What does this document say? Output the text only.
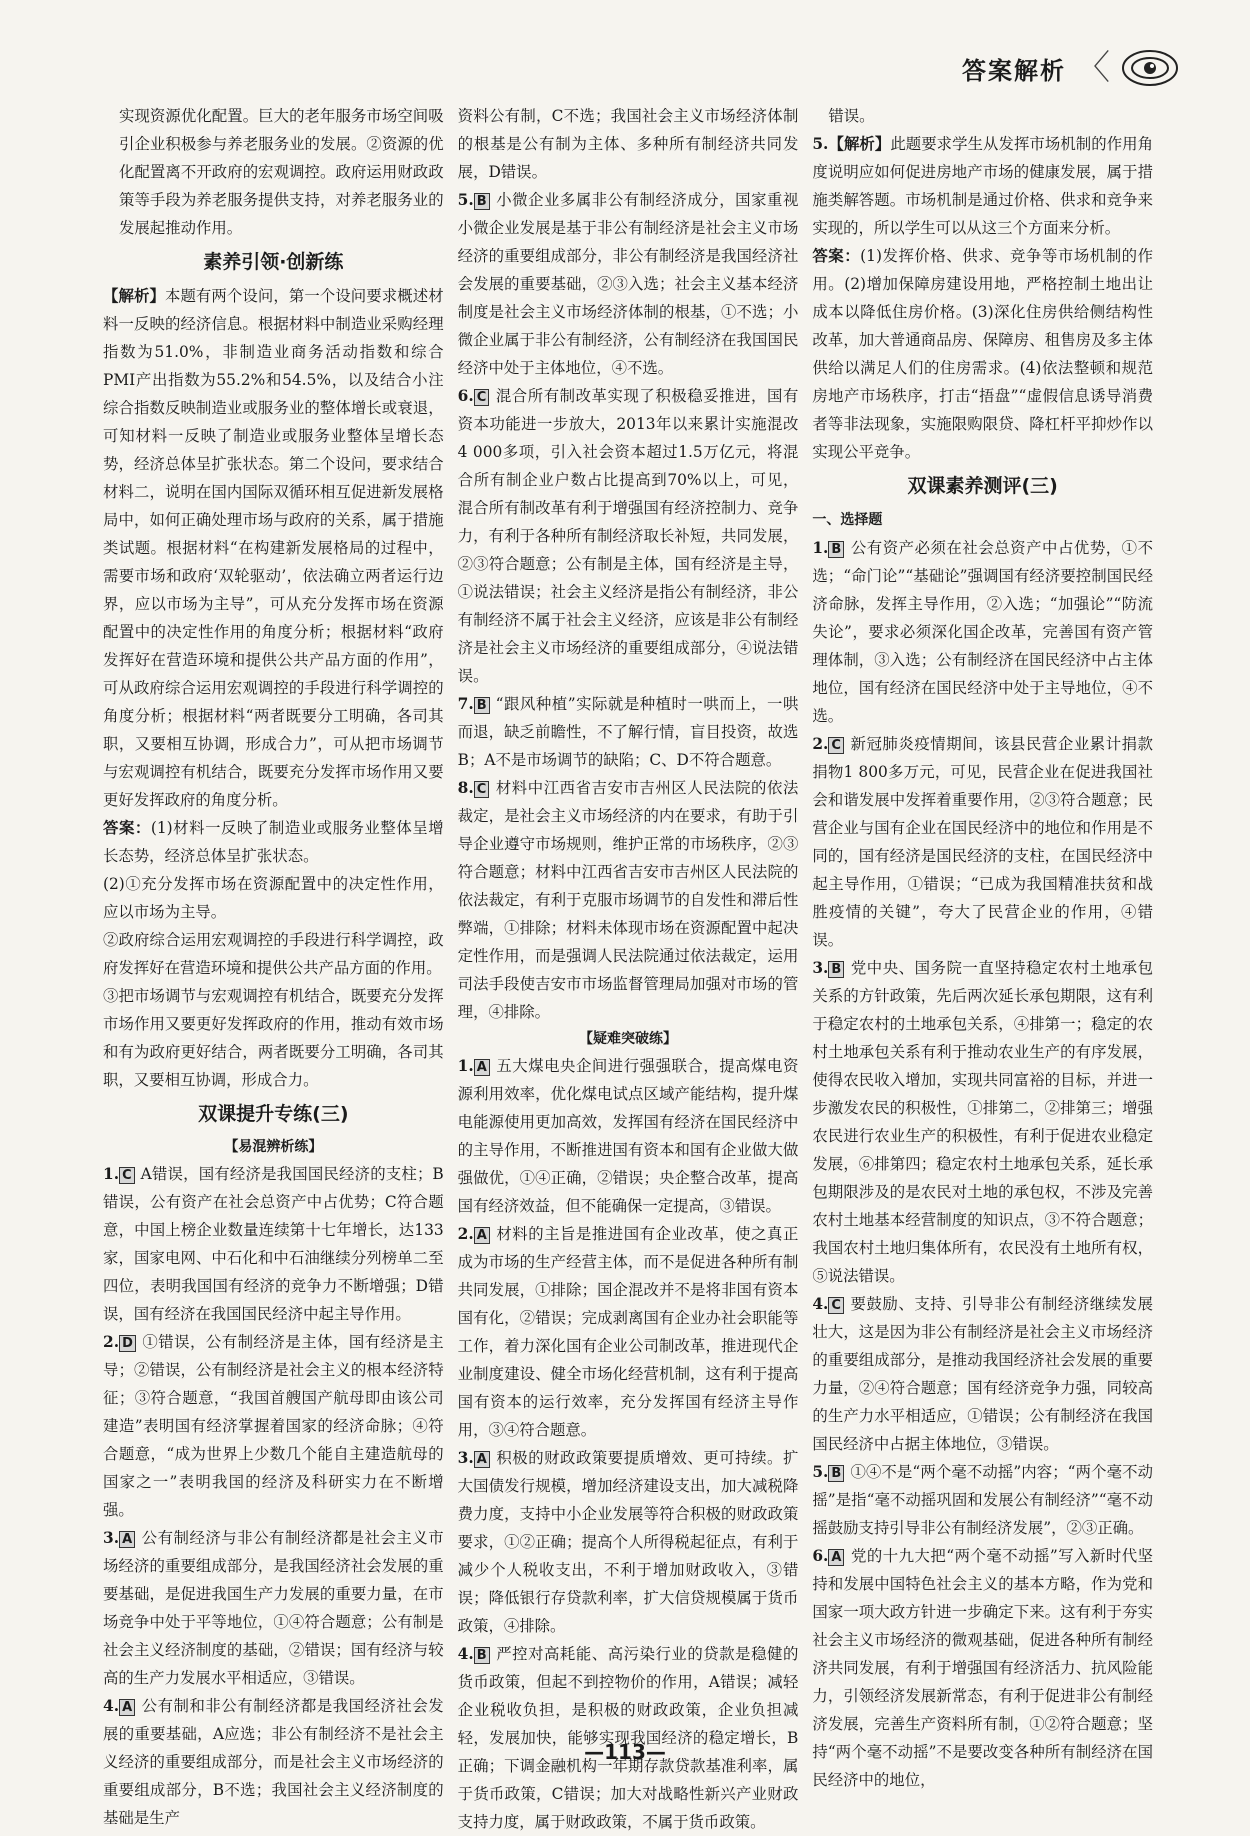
答案解析 〈

实现资源优化配置。巨大的老年服务市场空间吸引企业积极参与养老服务业的发展。②资源的优化配置离不开政府的宏观调控。政府运用财政政策等手段为养老服务提供支持，对养老服务业的发展起推动作用。

素养引领·创新练

【解析】本题有两个设问，第一个设问要求概述材料一反映的经济信息。根据材料中制造业采购经理指数为51.0%，非制造业商务活动指数和综合PMI产出指数为55.2%和54.5%，以及结合小注综合指数反映制造业或服务业的整体增长或衰退，可知材料一反映了制造业或服务业整体呈增长态势，经济总体呈扩张状态。第二个设问，要求结合材料二，说明在国内国际双循环相互促进新发展格局中，如何正确处理市场与政府的关系，属于措施类试题。根据材料“在构建新发展格局的过程中，需要市场和政府‘双轮驱动’，依法确立两者运行边界，应以市场为主导”，可从充分发挥市场在资源配置中的决定性作用的角度分析；根据材料“政府发挥好在营造环境和提供公共产品方面的作用”，可从政府综合运用宏观调控的手段进行科学调控的角度分析；根据材料“两者既要分工明确，各司其职，又要相互协调，形成合力”，可从把市场调节与宏观调控有机结合，既要充分发挥市场作用又要更好发挥政府的角度分析。

答案：(1)材料一反映了制造业或服务业整体呈增长态势，经济总体呈扩张状态。

(2)①充分发挥市场在资源配置中的决定性作用，应以市场为主导。

②政府综合运用宏观调控的手段进行科学调控，政府发挥好在营造环境和提供公共产品方面的作用。

③把市场调节与宏观调控有机结合，既要充分发挥市场作用又要更好发挥政府的作用，推动有效市场和有为政府更好结合，两者既要分工明确，各司其职，又要相互协调，形成合力。

双课提升专练(三)
【易混辨析练】

1. C A错误，国有经济是我国国民经济的支柱；B错误，公有资产在社会总资产中占优势；C符合题意，中国上榜企业数量连续第十七年增长，达133家，国家电网、中石化和中石油继续分列榜单二至四位，表明我国国有经济的竞争力不断增强；D错误，国有经济在我国国民经济中起主导作用。

2. D ①错误，公有制经济是主体，国有经济是主导；②错误，公有制经济是社会主义的根本经济特征；③符合题意，“我国首艘国产航母即由该公司建造”表明国有经济掌握着国家的经济命脉；④符合题意，“成为世界上少数几个能自主建造航母的国家之一”表明我国的经济及科研实力在不断增强。

3. A 公有制经济与非公有制经济都是社会主义市场经济的重要组成部分，是我国经济社会发展的重要基础，是促进我国生产力发展的重要力量，在市场竞争中处于平等地位，①④符合题意；公有制是社会主义经济制度的基础，②错误；国有经济与较高的生产力发展水平相适应，③错误。

4. A 公有制和非公有制经济都是我国经济社会发展的重要基础，A应选；非公有制经济不是社会主义经济的重要组成部分，而是社会主义市场经济的重要组成部分，B不选；我国社会主义经济制度的基础是生产

资料公有制，C不选；我国社会主义市场经济体制的根基是公有制为主体、多种所有制经济共同发展，D错误。

5. B 小微企业多属非公有制经济成分，国家重视小微企业发展是基于非公有制经济是社会主义市场经济的重要组成部分，非公有制经济是我国经济社会发展的重要基础，②③入选；社会主义基本经济制度是社会主义市场经济体制的根基，①不选；小微企业属于非公有制经济，公有制经济在我国国民经济中处于主体地位，④不选。

6. C 混合所有制改革实现了积极稳妥推进，国有资本功能进一步放大，2013年以来累计实施混改4 000多项，引入社会资本超过1.5万亿元，将混合所有制企业户数占比提高到70%以上，可见，混合所有制改革有利于增强国有经济控制力、竞争力，有利于各种所有制经济取长补短，共同发展，②③符合题意；公有制是主体，国有经济是主导，①说法错误；社会主义经济是指公有制经济，非公有制经济不属于社会主义经济，应该是非公有制经济是社会主义市场经济的重要组成部分，④说法错误。

7. B “跟风种植”实际就是种植时一哄而上，一哄而退，缺乏前瞻性，不了解行情，盲目投资，故选B；A不是市场调节的缺陷；C、D不符合题意。

8. C 材料中江西省吉安市吉州区人民法院的依法裁定，是社会主义市场经济的内在要求，有助于引导企业遵守市场规则，维护正常的市场秩序，②③符合题意；材料中江西省吉安市吉州区人民法院的依法裁定，有利于克服市场调节的自发性和滞后性弊端，①排除；材料未体现市场在资源配置中起决定性作用，而是强调人民法院通过依法裁定，运用司法手段使吉安市市场监督管理局加强对市场的管理，④排除。

【疑难突破练】

1. A 五大煤电央企间进行强强联合，提高煤电资源利用效率，优化煤电试点区域产能结构，提升煤电能源使用更加高效，发挥国有经济在国民经济中的主导作用，不断推进国有资本和国有企业做大做强做优，①④正确，②错误；央企整合改革，提高国有经济效益，但不能确保一定提高，③错误。

2. A 材料的主旨是推进国有企业改革，使之真正成为市场的生产经营主体，而不是促进各种所有制共同发展，①排除；国企混改并不是将非国有资本国有化，②错误；完成剥离国有企业办社会职能等工作，着力深化国有企业公司制改革，推进现代企业制度建设、健全市场化经营机制，这有利于提高国有资本的运行效率，充分发挥国有经济主导作用，③④符合题意。

3. A 积极的财政政策要提质增效、更可持续。扩大国债发行规模，增加经济建设支出，加大减税降费力度，支持中小企业发展等符合积极的财政政策要求，①②正确；提高个人所得税起征点，有利于减少个人税收支出，不利于增加财政收入，③错误；降低银行存贷款利率，扩大信贷规模属于货币政策，④排除。

4. B 严控对高耗能、高污染行业的贷款是稳健的货币政策，但起不到控物价的作用，A错误；减轻企业税收负担，是积极的财政政策，企业负担减轻，发展加快，能够实现我国经济的稳定增长，B正确；下调金融机构一年期存款贷款基准利率，属于货币政策，C错误；加大对战略性新兴产业财政支持力度，属于财政政策，不属于货币政策。

错误。

5.【解析】此题要求学生从发挥市场机制的作用角度说明应如何促进房地产市场的健康发展，属于措施类解答题。市场机制是通过价格、供求和竞争来实现的，所以学生可以从这三个方面来分析。

答案：(1)发挥价格、供求、竞争等市场机制的作用。(2)增加保障房建设用地，严格控制土地出让成本以降低住房价格。(3)深化住房供给侧结构性改革，加大普通商品房、保障房、租售房及多主体供给以满足人们的住房需求。(4)依法整顿和规范房地产市场秩序，打击“捂盘”“虚假信息诱导消费者等非法现象，实施限购限贷、降杠杆平抑炒作以实现公平竞争。

双课素养测评(三)
一、选择题

1. B 公有资产必须在社会总资产中占优势，①不选；“命门论”“基础论”强调国有经济要控制国民经济命脉，发挥主导作用，②入选；“加强论”“防流失论”，要求必须深化国企改革，完善国有资产管理体制，③入选；公有制经济在国民经济中占主体地位，国有经济在国民经济中处于主导地位，④不选。

2. C 新冠肺炎疫情期间，该县民营企业累计捐款捐物1 800多万元，可见，民营企业在促进我国社会和谐发展中发挥着重要作用，②③符合题意；民营企业与国有企业在国民经济中的地位和作用是不同的，国有经济是国民经济的支柱，在国民经济中起主导作用，①错误；“已成为我国精准扶贫和战胜疫情的关键”，夸大了民营企业的作用，④错误。

3. B 党中央、国务院一直坚持稳定农村土地承包关系的方针政策，先后两次延长承包期限，这有利于稳定农村的土地承包关系，④排第一；稳定的农村土地承包关系有利于推动农业生产的有序发展，使得农民收入增加，实现共同富裕的目标，并进一步激发农民的积极性，①排第二，②排第三；增强农民进行农业生产的积极性，有利于促进农业稳定发展，⑥排第四；稳定农村土地承包关系，延长承包期限涉及的是农民对土地的承包权，不涉及完善农村土地基本经营制度的知识点，③不符合题意；我国农村土地归集体所有，农民没有土地所有权，⑤说法错误。

4. C 要鼓励、支持、引导非公有制经济继续发展壮大，这是因为非公有制经济是社会主义市场经济的重要组成部分，是推动我国经济社会发展的重要力量，②④符合题意；国有经济竞争力强，同较高的生产力水平相适应，①错误；公有制经济在我国国民经济中占据主体地位，③错误。

5. B ①④不是“两个毫不动摇”内容；“两个毫不动摇”是指“毫不动摇巩固和发展公有制经济”“毫不动摇鼓励支持引导非公有制经济发展”，②③正确。

6. A 党的十九大把“两个毫不动摇”写入新时代坚持和发展中国特色社会主义的基本方略，作为党和国家一项大政方针进一步确定下来。这有利于夯实社会主义市场经济的微观基础，促进各种所有制经济共同发展，有利于增强国有经济活力、抗风险能力，引领经济发展新常态，有利于促进非公有制经济发展，完善生产资料所有制，①②符合题意；坚持“两个毫不动摇”不是要改变各种所有制经济在国民经济中的地位，

—113—
